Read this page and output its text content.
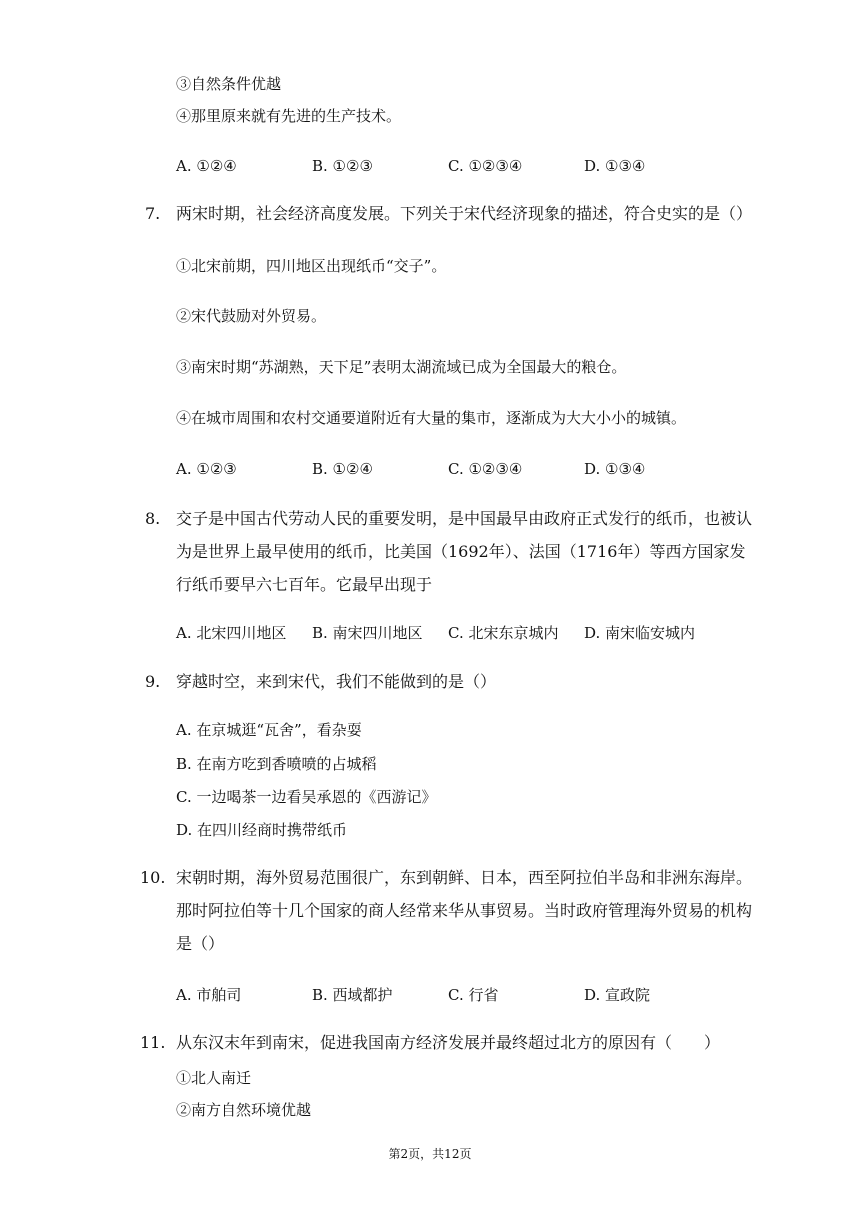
③自然条件优越
④那里原来就有先进的生产技术。
A. ①②④	B. ①②③	C. ①②③④	D. ①③④
7. 两宋时期，社会经济高度发展。下列关于宋代经济现象的描述，符合史实的是（）
①北宋前期，四川地区出现纸币“交子”。
②宋代鼓励对外贸易。
③南宋时期“苏湖熟，天下足”表明太湖流域已成为全国最大的粮仓。
④在城市周围和农村交通要道附近有大量的集市，逐渐成为大大小小的城镇。
A. ①②③	B. ①②④	C. ①②③④	D. ①③④
8. 交子是中国古代劳动人民的重要发明，是中国最早由政府正式发行的纸币，也被认
为是世界上最早使用的纸币，比美国（1692年）、法国（1716年）等西方国家发
行纸币要早六七百年。它最早出现于
A. 北宋四川地区 B. 南宋四川地区 C. 北宋东京城内 D. 南宋临安城内
9. 穿越时空，来到宋代，我们不能做到的是（）
A. 在京城逛“瓦舍”，看杂耍
B. 在南方吃到香喷喷的占城稻
C. 一边喝茶一边看吴承恩的《西游记》
D. 在四川经商时携带纸币
10. 宋朝时期，海外贸易范围很广，东到朝鲜、日本，西至阿拉伯半岛和非洲东海岸。
那时阿拉伯等十几个国家的商人经常来华从事贸易。当时政府管理海外贸易的机构
是（）
A. 市舶司	B. 西域都护	C. 行省	D. 宣政院
11. 从东汉末年到南宋，促进我国南方经济发展并最终超过北方的原因有（　　）
①北人南迁
②南方自然环境优越
第2页，共12页
